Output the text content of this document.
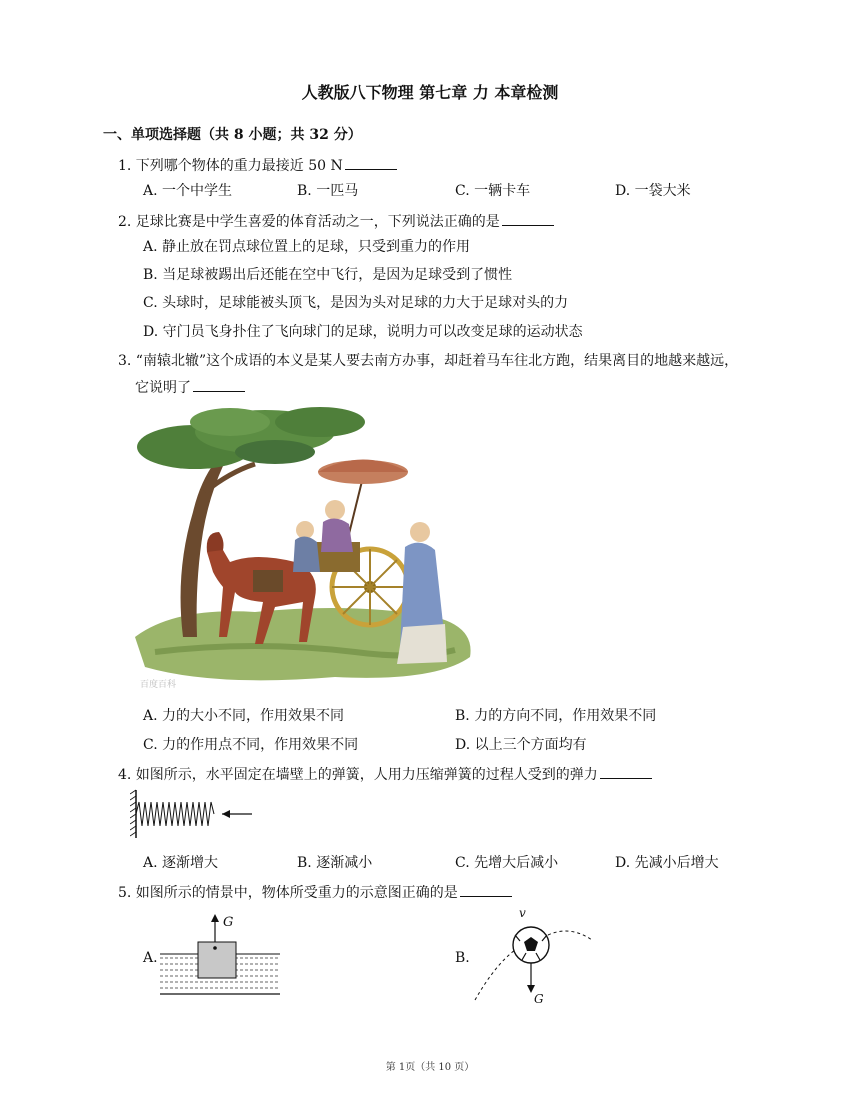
人教版八下物理 第七章 力 本章检测
一、单项选择题（共 8 小题；共 32 分）
1. 下列哪个物体的重力最接近 50 N
A. 一个中学生	B. 一匹马	C. 一辆卡车	D. 一袋大米
2. 足球比赛是中学生喜爱的体育活动之一，下列说法正确的是
A. 静止放在罚点球位置上的足球，只受到重力的作用
B. 当足球被踢出后还能在空中飞行，是因为足球受到了惯性
C. 头球时，足球能被头顶飞，是因为头对足球的力大于足球对头的力
D. 守门员飞身扑住了飞向球门的足球，说明力可以改变足球的运动状态
3. “南辕北辙”这个成语的本义是某人要去南方办事，却赶着马车往北方跑，结果离目的地越来越远，
它说明了
百度百科
A. 力的大小不同，作用效果不同	B. 力的方向不同，作用效果不同
C. 力的作用点不同，作用效果不同	D. 以上三个方面均有
4. 如图所示，水平固定在墙壁上的弹簧，人用力压缩弹簧的过程人受到的弹力
A. 逐渐增大	B. 逐渐减小	C. 先增大后减小	D. 先减小后增大
5. 如图所示的情景中，物体所受重力的示意图正确的是
A.
G
B.
v
G
第 1页（共 10 页）
